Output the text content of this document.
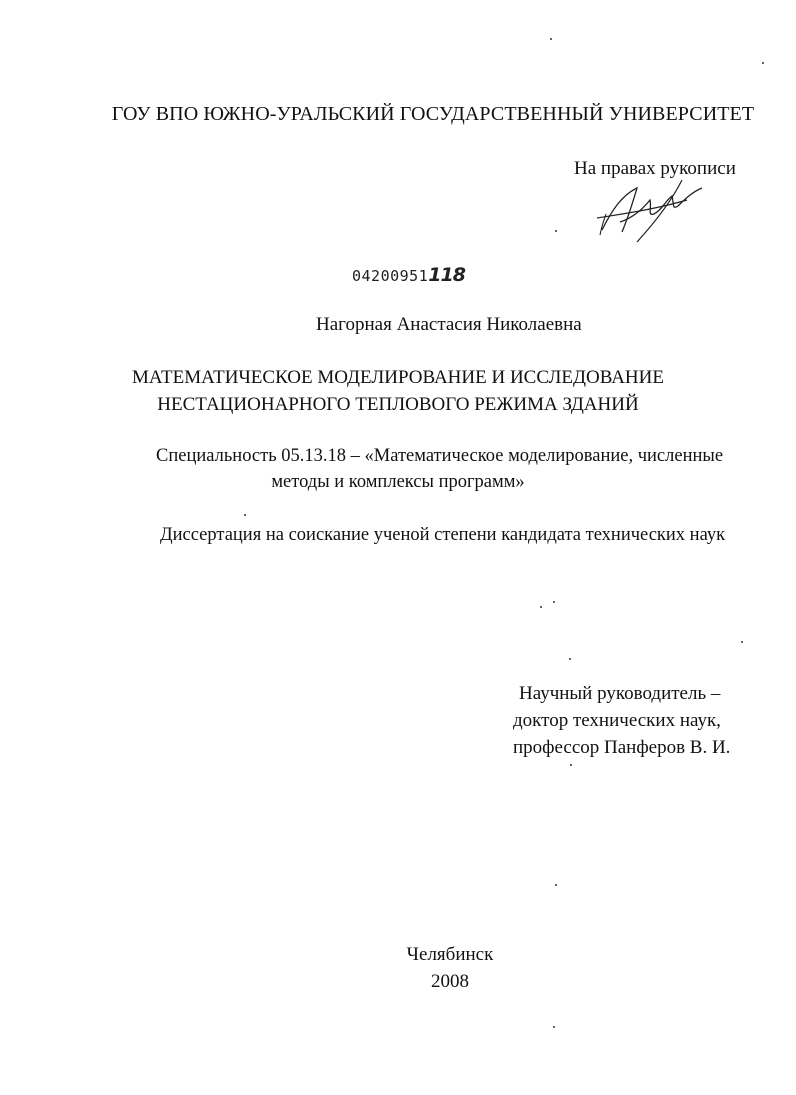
ГОУ ВПО ЮЖНО-УРАЛЬСКИЙ ГОСУДАРСТВЕННЫЙ УНИВЕРСИТЕТ
На правах рукописи
04200951118
Нагорная Анастасия Николаевна
МАТЕМАТИЧЕСКОЕ МОДЕЛИРОВАНИЕ И ИССЛЕДОВАНИЕ
НЕСТАЦИОНАРНОГО ТЕПЛОВОГО РЕЖИМА ЗДАНИЙ
Специальность 05.13.18 – «Математическое моделирование, численные
методы и комплексы программ»
Диссертация на соискание ученой степени кандидата технических наук
Научный руководитель –
доктор технических наук,
профессор Панферов В. И.
Челябинск
2008
